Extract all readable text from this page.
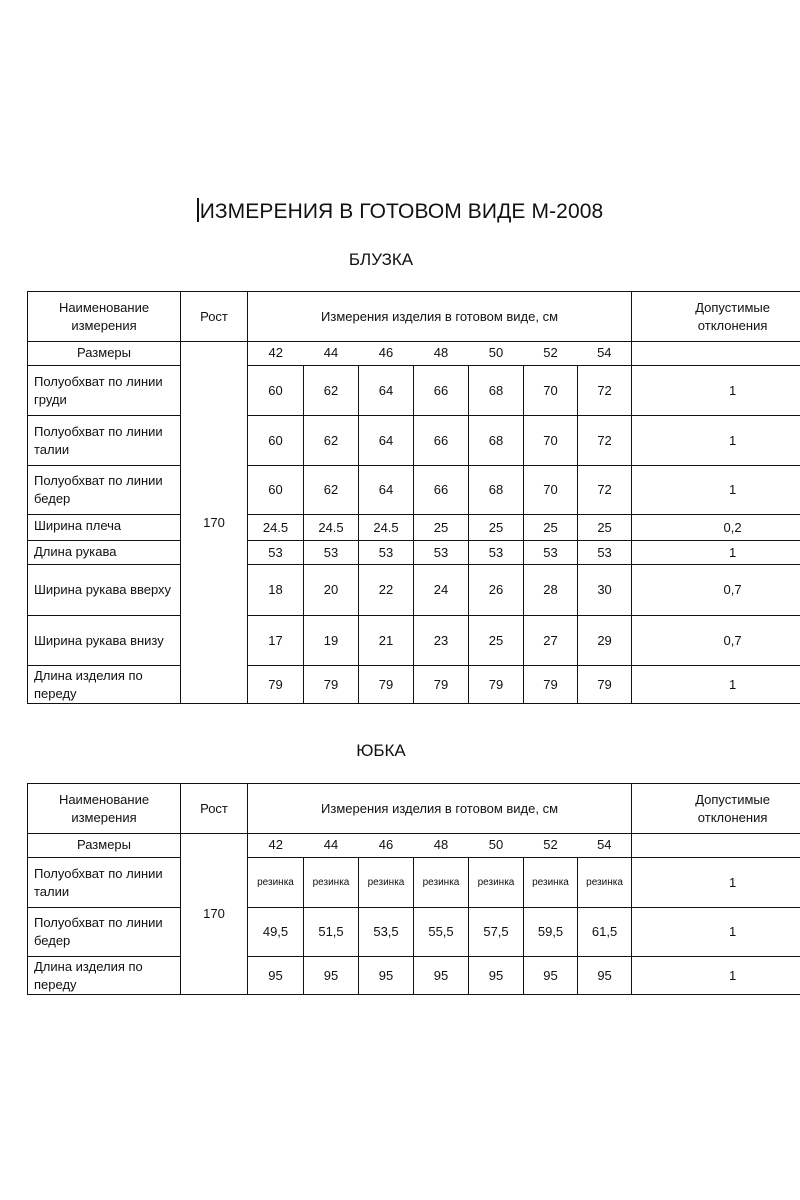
ИЗМЕРЕНИЯ В ГОТОВОМ ВИДЕ М-2008
БЛУЗКА
Наименование измерения	Рост	Измерения изделия в готовом виде, см							Допустимые отклонения
Размеры	170	42	44	46	48	50	52	54	
Полуобхват по линии груди		60	62	64	66	68	70	72	1
Полуобхват по линии талии		60	62	64	66	68	70	72	1
Полуобхват по линии бедер		60	62	64	66	68	70	72	1
Ширина плеча		24.5	24.5	24.5	25	25	25	25	0,2
Длина рукава		53	53	53	53	53	53	53	1
Ширина рукава вверху		18	20	22	24	26	28	30	0,7
Ширина рукава внизу		17	19	21	23	25	27	29	0,7
Длина изделия по переду		79	79	79	79	79	79	79	1
ЮБКА
Наименование измерения	Рост	Измерения изделия в готовом виде, см							Допустимые отклонения
Размеры	170	42	44	46	48	50	52	54	
Полуобхват по линии талии		резинка	резинка	резинка	резинка	резинка	резинка	резинка	1
Полуобхват по линии бедер		49,5	51,5	53,5	55,5	57,5	59,5	61,5	1
Длина изделия по переду		95	95	95	95	95	95	95	1
